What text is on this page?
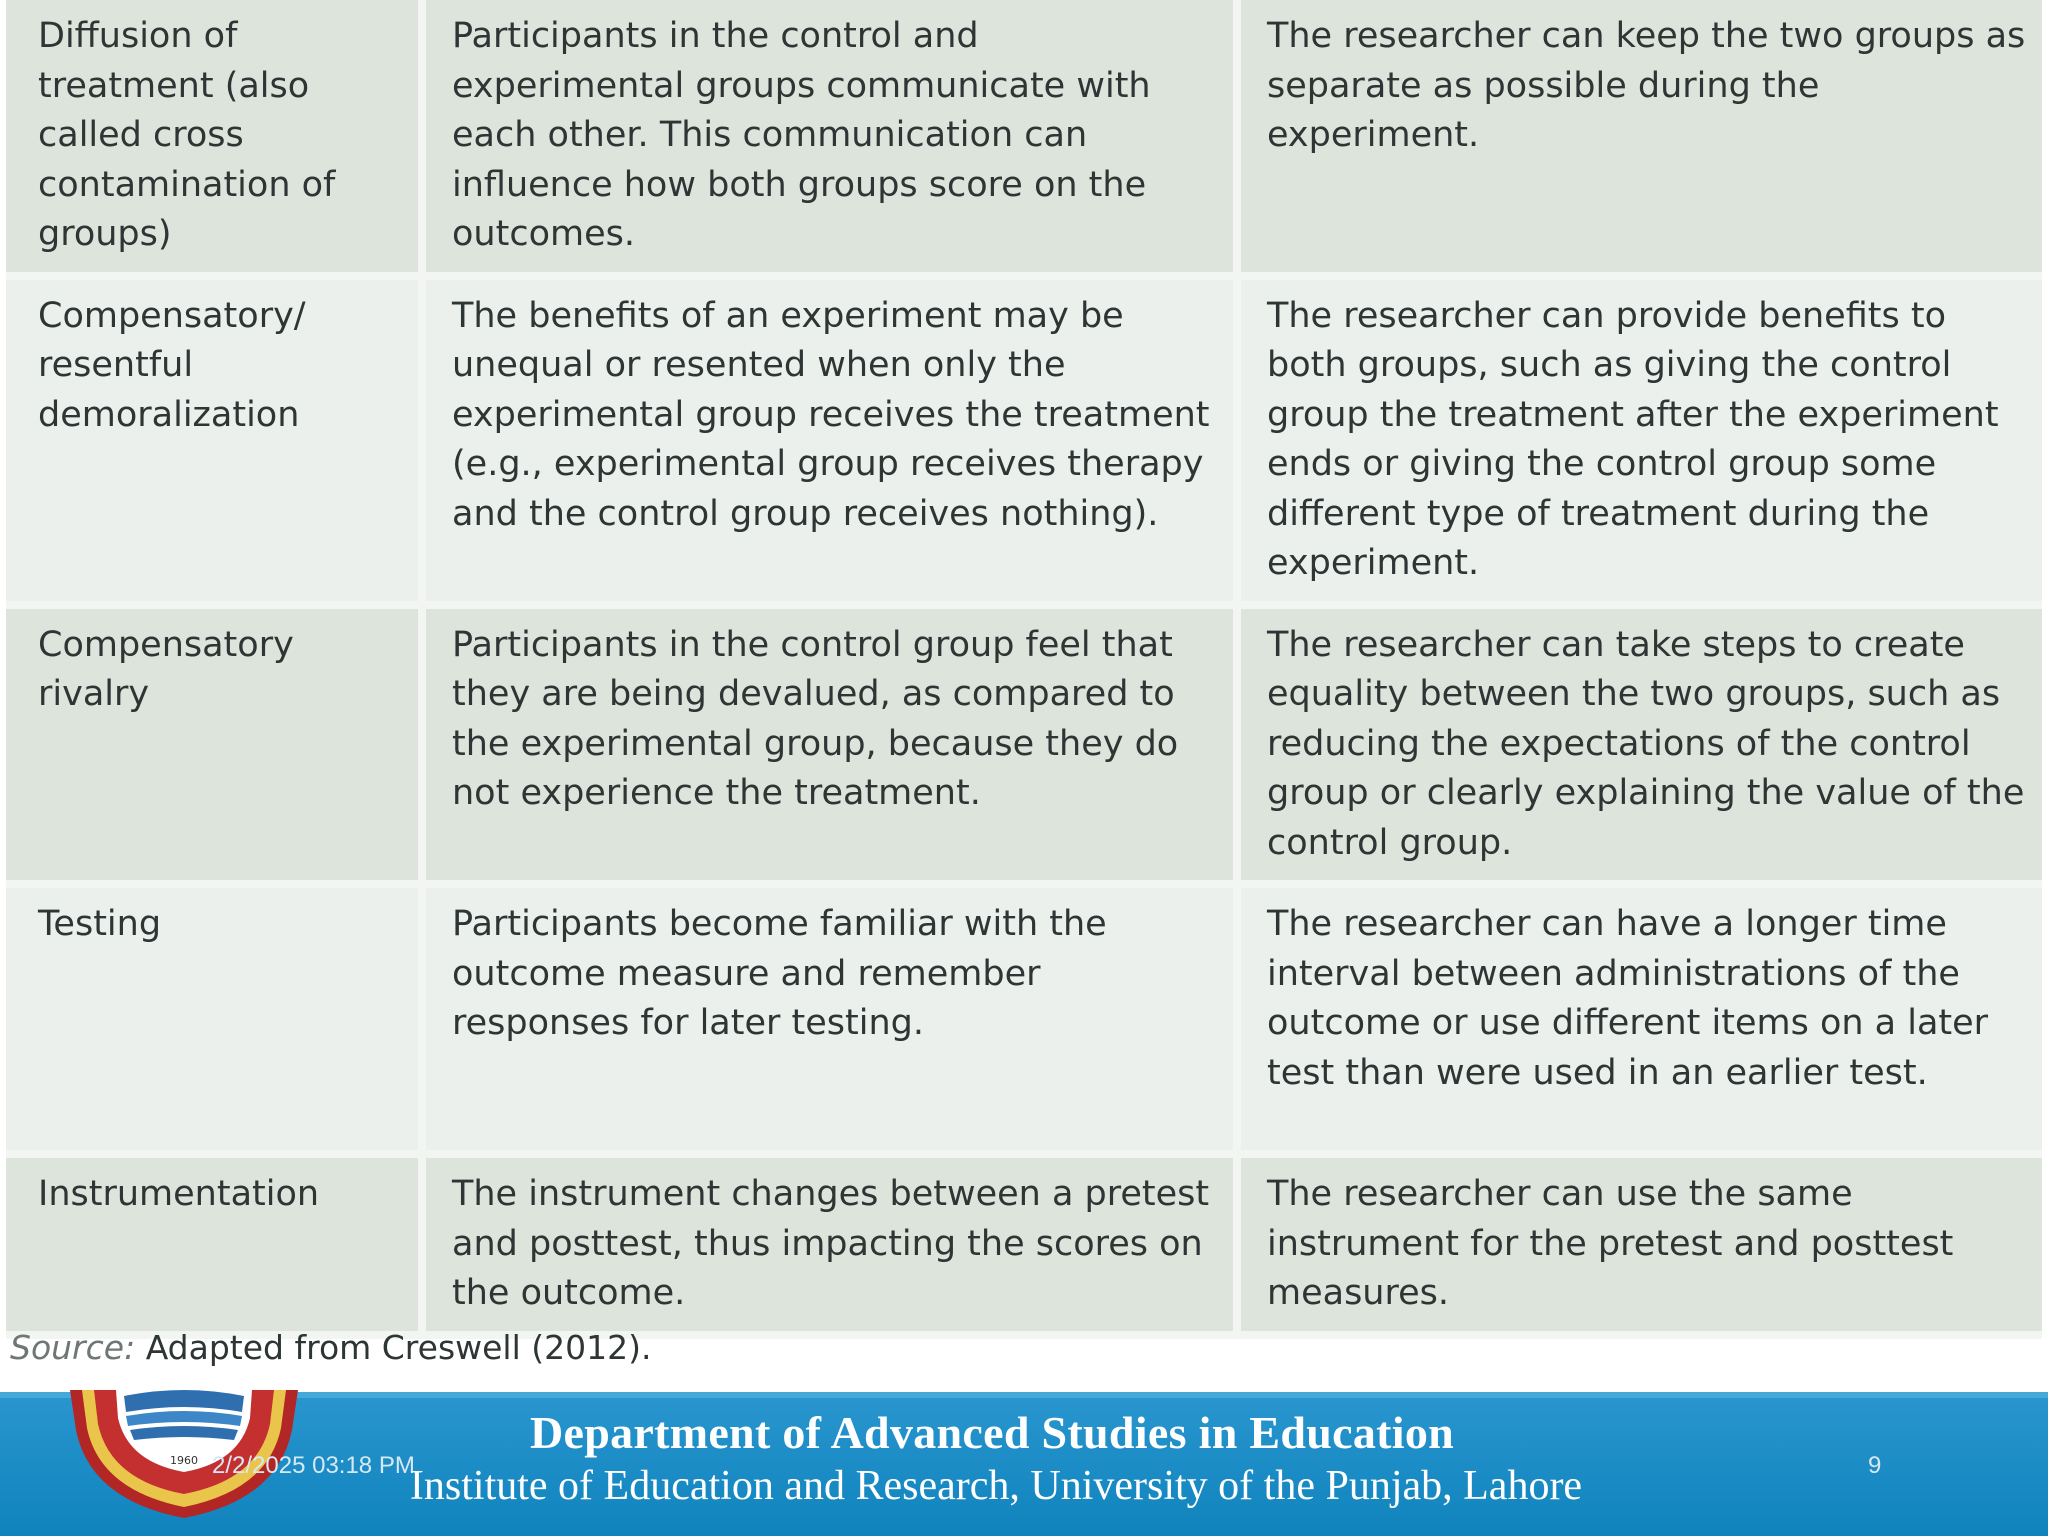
Diffusion of treatment (also called cross contamination of groups)	Participants in the control and experimental groups communicate with each other. This communication can influence how both groups score on the outcomes.	The researcher can keep the two groups as separate as possible during the experiment.
Compensatory/ resentful demoralization	The benefits of an experiment may be unequal or resented when only the experimental group receives the treatment (e.g., experimental group receives therapy and the control group receives nothing).	The researcher can provide benefits to both groups, such as giving the control group the treatment after the experiment ends or giving the control group some different type of treatment during the experiment.
Compensatory rivalry	Participants in the control group feel that they are being devalued, as compared to the experimental group, because they do not experience the treatment.	The researcher can take steps to create equality between the two groups, such as reducing the expectations of the control group or clearly explaining the value of the control group.
Testing	Participants become familiar with the outcome measure and remember responses for later testing.	The researcher can have a longer time interval between administrations of the outcome or use different items on a later test than were used in an earlier test.
Instrumentation	The instrument changes between a pretest and posttest, thus impacting the scores on the outcome.	The researcher can use the same instrument for the pretest and posttest measures.
Source: Adapted from Creswell (2012).
1960 2/2/2025 03:18 PM
Department of Advanced Studies in Education
Institute of Education and Research, University of the Punjab, Lahore	9
